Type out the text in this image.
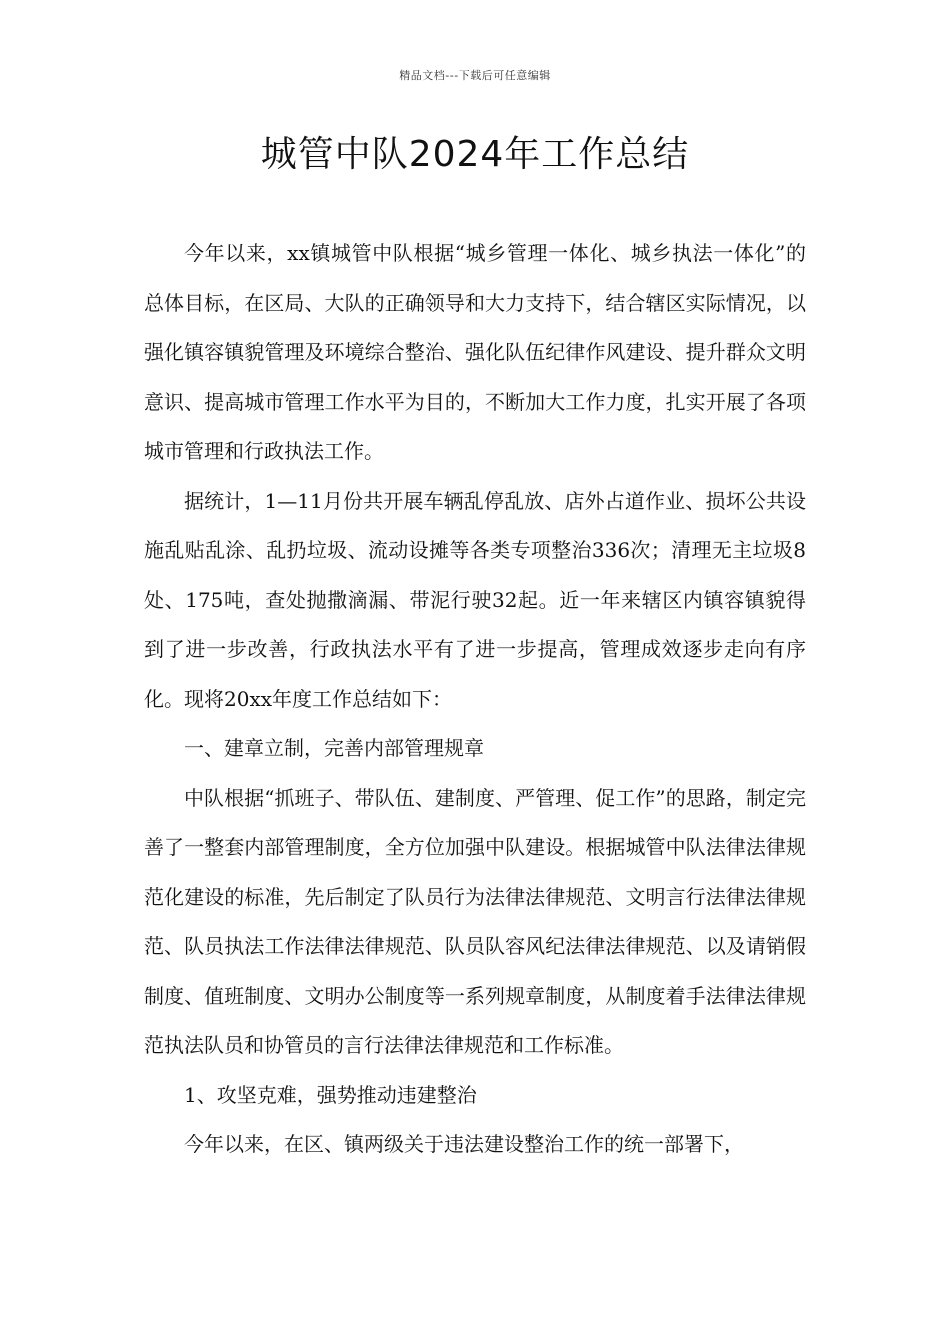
精品文档---下载后可任意编辑
城管中队2024年工作总结

今年以来，xx镇城管中队根据“城乡管理一体化、城乡执法一体化”的总体目标，在区局、大队的正确领导和大力支持下，结合辖区实际情况，以强化镇容镇貌管理及环境综合整治、强化队伍纪律作风建设、提升群众文明意识、提高城市管理工作水平为目的，不断加大工作力度，扎实开展了各项城市管理和行政执法工作。

据统计，1—11月份共开展车辆乱停乱放、店外占道作业、损坏公共设施乱贴乱涂、乱扔垃圾、流动设摊等各类专项整治336次；清理无主垃圾8处、175吨，查处抛撒滴漏、带泥行驶32起。近一年来辖区内镇容镇貌得到了进一步改善，行政执法水平有了进一步提高，管理成效逐步走向有序化。现将20xx年度工作总结如下：

一、建章立制，完善内部管理规章

中队根据“抓班子、带队伍、建制度、严管理、促工作”的思路，制定完善了一整套内部管理制度，全方位加强中队建设。根据城管中队法律法律规范化建设的标准，先后制定了队员行为法律法律规范、文明言行法律法律规范、队员执法工作法律法律规范、队员队容风纪法律法律规范、以及请销假制度、值班制度、文明办公制度等一系列规章制度，从制度着手法律法律规范执法队员和协管员的言行法律法律规范和工作标准。

1、攻坚克难，强势推动违建整治

今年以来，在区、镇两级关于违法建设整治工作的统一部署下，
